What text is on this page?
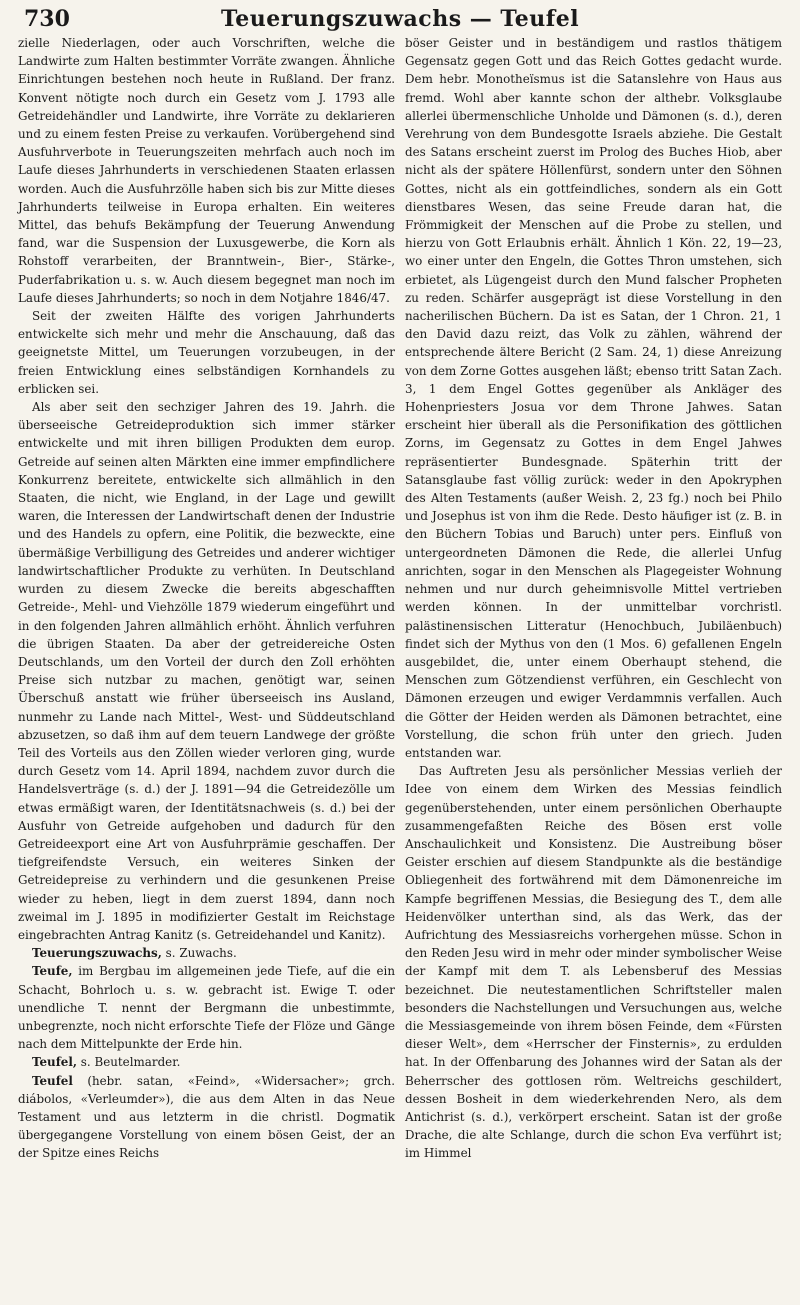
730	Teuerungszuwachs — Teufel

zielle Niederlagen, oder auch Vorschriften, welche die Landwirte zum Halten bestimmter Vorräte zwangen. Ähnliche Einrichtungen bestehen noch heute in Rußland. Der franz. Konvent nötigte noch durch ein Gesetz vom J. 1793 alle Getreidehändler und Landwirte, ihre Vorräte zu deklarieren und zu einem festen Preise zu verkaufen. Vorübergehend sind Ausfuhrverbote in Teuerungszeiten mehrfach auch noch im Laufe dieses Jahrhunderts in verschiedenen Staaten erlassen worden. Auch die Ausfuhrzölle haben sich bis zur Mitte dieses Jahrhunderts teilweise in Europa erhalten. Ein weiteres Mittel, das behufs Bekämpfung der Teuerung Anwendung fand, war die Suspension der Luxusgewerbe, die Korn als Rohstoff verarbeiten, der Branntwein-, Bier-, Stärke-, Puderfabrikation u. s. w. Auch diesem begegnet man noch im Laufe dieses Jahrhunderts; so noch in dem Notjahre 1846/47.

Seit der zweiten Hälfte des vorigen Jahrhunderts entwickelte sich mehr und mehr die Anschauung, daß das geeignetste Mittel, um Teuerungen vorzubeugen, in der freien Entwicklung eines selbständigen Kornhandels zu erblicken sei.

Als aber seit den sechziger Jahren des 19. Jahrh. die überseeische Getreideproduktion sich immer stärker entwickelte und mit ihren billigen Produkten dem europ. Getreide auf seinen alten Märkten eine immer empfindlichere Konkurrenz bereitete, entwickelte sich allmählich in den Staaten, die nicht, wie England, in der Lage und gewillt waren, die Interessen der Landwirtschaft denen der Industrie und des Handels zu opfern, eine Politik, die bezweckte, eine übermäßige Verbilligung des Getreides und anderer wichtiger landwirtschaftlicher Produkte zu verhüten. In Deutschland wurden zu diesem Zwecke die bereits abgeschafften Getreide-, Mehl- und Viehzölle 1879 wiederum eingeführt und in den folgenden Jahren allmählich erhöht. Ähnlich verfuhren die übrigen Staaten. Da aber der getreidereiche Osten Deutschlands, um den Vorteil der durch den Zoll erhöhten Preise sich nutzbar zu machen, genötigt war, seinen Überschuß anstatt wie früher überseeisch ins Ausland, nunmehr zu Lande nach Mittel-, West- und Süddeutschland abzusetzen, so daß ihm auf dem teuern Landwege der größte Teil des Vorteils aus den Zöllen wieder verloren ging, wurde durch Gesetz vom 14. April 1894, nachdem zuvor durch die Handelsverträge (s. d.) der J. 1891—94 die Getreidezölle um etwas ermäßigt waren, der Identitätsnachweis (s. d.) bei der Ausfuhr von Getreide aufgehoben und dadurch für den Getreideexport eine Art von Ausfuhrprämie geschaffen. Der tiefgreifendste Versuch, ein weiteres Sinken der Getreidepreise zu verhindern und die gesunkenen Preise wieder zu heben, liegt in dem zuerst 1894, dann noch zweimal im J. 1895 in modifizierter Gestalt im Reichstage eingebrachten Antrag Kanitz (s. Getreidehandel und Kanitz).

Teuerungszuwachs, s. Zuwachs.

Teufe, im Bergbau im allgemeinen jede Tiefe, auf die ein Schacht, Bohrloch u. s. w. gebracht ist. Ewige T. oder unendliche T. nennt der Bergmann die unbestimmte, unbegrenzte, noch nicht erforschte Tiefe der Flöze und Gänge nach dem Mittelpunkte der Erde hin.

Teufel, s. Beutelmarder.

Teufel (hebr. satan, «Feind», «Widersacher»; grch. diábolos, «Verleumder»), die aus dem Alten in das Neue Testament und aus letzterm in die christl. Dogmatik übergegangene Vorstellung von einem bösen Geist, der an der Spitze eines Reichs

böser Geister und in beständigem und rastlos thätigem Gegensatz gegen Gott und das Reich Gottes gedacht wurde. Dem hebr. Monotheïsmus ist die Satanslehre von Haus aus fremd. Wohl aber kannte schon der althebr. Volksglaube allerlei übermenschliche Unholde und Dämonen (s. d.), deren Verehrung von dem Bundesgotte Israels abziehe. Die Gestalt des Satans erscheint zuerst im Prolog des Buches Hiob, aber nicht als der spätere Höllenfürst, sondern unter den Söhnen Gottes, nicht als ein gottfeindliches, sondern als ein Gott dienstbares Wesen, das seine Freude daran hat, die Frömmigkeit der Menschen auf die Probe zu stellen, und hierzu von Gott Erlaubnis erhält. Ähnlich 1 Kön. 22, 19—23, wo einer unter den Engeln, die Gottes Thron umstehen, sich erbietet, als Lügengeist durch den Mund falscher Propheten zu reden. Schärfer ausgeprägt ist diese Vorstellung in den nacherilischen Büchern. Da ist es Satan, der 1 Chron. 21, 1 den David dazu reizt, das Volk zu zählen, während der entsprechende ältere Bericht (2 Sam. 24, 1) diese Anreizung von dem Zorne Gottes ausgehen läßt; ebenso tritt Satan Zach. 3, 1 dem Engel Gottes gegenüber als Ankläger des Hohenpriesters Josua vor dem Throne Jahwes. Satan erscheint hier überall als die Personifikation des göttlichen Zorns, im Gegensatz zu Gottes in dem Engel Jahwes repräsentierter Bundesgnade. Späterhin tritt der Satansglaube fast völlig zurück: weder in den Apokryphen des Alten Testaments (außer Weish. 2, 23 fg.) noch bei Philo und Josephus ist von ihm die Rede. Desto häufiger ist (z. B. in den Büchern Tobias und Baruch) unter pers. Einfluß von untergeordneten Dämonen die Rede, die allerlei Unfug anrichten, sogar in den Menschen als Plagegeister Wohnung nehmen und nur durch geheimnisvolle Mittel vertrieben werden können. In der unmittelbar vorchristl. palästinensischen Litteratur (Henochbuch, Jubiläenbuch) findet sich der Mythus von den (1 Mos. 6) gefallenen Engeln ausgebildet, die, unter einem Oberhaupt stehend, die Menschen zum Götzendienst verführen, ein Geschlecht von Dämonen erzeugen und ewiger Verdammnis verfallen. Auch die Götter der Heiden werden als Dämonen betrachtet, eine Vorstellung, die schon früh unter den griech. Juden entstanden war.

Das Auftreten Jesu als persönlicher Messias verlieh der Idee von einem dem Wirken des Messias feindlich gegenüberstehenden, unter einem persönlichen Oberhaupte zusammengefaßten Reiche des Bösen erst volle Anschaulichkeit und Konsistenz. Die Austreibung böser Geister erschien auf diesem Standpunkte als die beständige Obliegenheit des fortwährend mit dem Dämonenreiche im Kampfe begriffenen Messias, die Besiegung des T., dem alle Heidenvölker unterthan sind, als das Werk, das der Aufrichtung des Messiasreichs vorhergehen müsse. Schon in den Reden Jesu wird in mehr oder minder symbolischer Weise der Kampf mit dem T. als Lebensberuf des Messias bezeichnet. Die neutestamentlichen Schriftsteller malen besonders die Nachstellungen und Versuchungen aus, welche die Messiasgemeinde von ihrem bösen Feinde, dem «Fürsten dieser Welt», dem «Herrscher der Finsternis», zu erdulden hat. In der Offenbarung des Johannes wird der Satan als der Beherrscher des gottlosen röm. Weltreichs geschildert, dessen Bosheit in dem wiederkehrenden Nero, als dem Antichrist (s. d.), verkörpert erscheint. Satan ist der große Drache, die alte Schlange, durch die schon Eva verführt ist; im Himmel
